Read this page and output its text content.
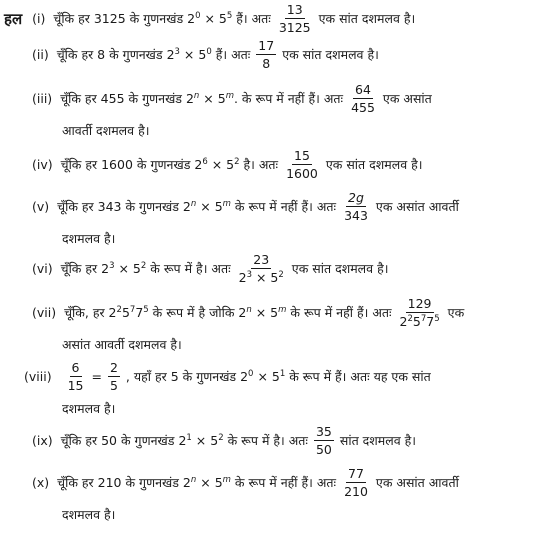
हल (i) चूँकि हर 3125 के गुणनखंड $2^0 \times 5^5$ हैं। अतः $\frac{13}{3125}$ एक सांत दशमलव है।
(ii) चूँकि हर 8 के गुणनखंड $2^3 \times 5^0$ हैं। अतः $\frac{17}{8}$ एक सांत दशमलव है।
(iii) चूँकि हर 455 के गुणनखंड $2^n \times 5^m$. के रूप में नहीं हैं। अतः $\frac{64}{455}$ एक असांत
आवर्ती दशमलव है।
(iv) चूँकि हर 1600 के गुणनखंड $2^6 \times 5^2$ है। अतः $\frac{15}{1600}$ एक सांत दशमलव है।
(v) चूँकि हर 343 के गुणनखंड $2^n \times 5^m$ के रूप में नहीं हैं। अतः $\frac{2g}{343}$ एक असांत आवर्ती
दशमलव है।
(vi) चूँकि हर $2^3 \times 5^2$ के रूप में है। अतः $\frac{23}{2^3 \times 5^2}$ एक सांत दशमलव है।
(vii) चूँकि, हर $2^25^77^5$ के रूप में है जोकि $2^n \times 5^m$ के रूप में नहीं हैं। अतः $\frac{129}{2^25^77^5}$ एक
असांत आवर्ती दशमलव है।
(viii) $\frac{6}{15} = \frac{2}{5}$ , यहाँ हर 5 के गुणनखंड $2^0 \times 5^1$ के रूप में हैं। अतः यह एक सांत
दशमलव है।
(ix) चूँकि हर 50 के गुणनखंड $2^1 \times 5^2$ के रूप में है। अतः $\frac{35}{50}$ सांत दशमलव है।
(x) चूँकि हर 210 के गुणनखंड $2^n \times 5^m$ के रूप में नहीं हैं। अतः $\frac{77}{210}$ एक असांत आवर्ती
दशमलव है।
